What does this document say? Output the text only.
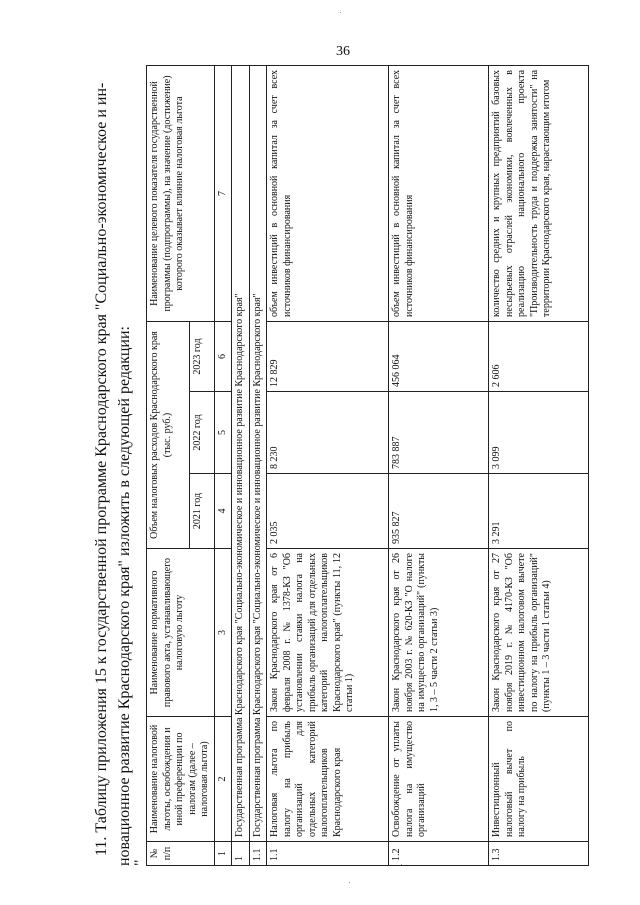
36

11. Таблицу приложения 15 к государственной программе Краснодарского края "Социально-экономическое и ин- новационное развитие Краснодарского края" изложить в следующей редакции: "

№ п/п	Наименование налоговой льготы, освобождения и иной преференции по налогам (далее – налоговая льгота)	Наименование нормативного правового акта, устанавливающего налоговую льготу	Объем налоговых расходов Краснодарского края (тыс. руб.)			Наименование целевого показателя государственной программы (подпрограммы), на значение (достижение) которого оказывает влияние налоговая льгота
			2021 год	2022 год	2023 год	
1	2	3	4	5	6	7
1	Государственная программа Краснодарского края "Социально-экономическое и инновационное развитие Краснодарского края"					
1.1	Государственная программа Краснодарского края "Социально-экономическое и инновационное развитие Краснодарского края"					
1.1	Налоговая льгота по налогу на прибыль организаций для отдельных категорий налогоплательщиков Краснодарского края	Закон Краснодарского края от 6 февраля 2008 г. № 1378-КЗ "Об установлении ставки налога на прибыль организаций для отдельных категорий налогоплательщиков Краснодарского края" (пункты 11, 12 статьи 1)	2 035	8 230	12 829	объем инвестиций в основной капитал за счет всех источников финансирования
1.2	Освобождение от уплаты налога на имущество организаций	Закон Краснодарского края от 26 ноября 2003 г. № 620-КЗ "О налоге на имущество организаций" (пункты 1, 3 – 5 части 2 статьи 3)	935 827	783 887	456 064	объем инвестиций в основной капитал за счет всех источников финансирования
1.3	Инвестиционный налоговый вычет по налогу на прибыль	Закон Краснодарского края от 27 ноября 2019 г. № 4170-КЗ "Об инвестиционном налоговом вычете по налогу на прибыль организаций" (пункты 1 – 3 части 1 статьи 4)	3 291	3 099	2 606	количество средних и крупных предприятий базовых несырьевых отраслей экономики, вовлеченных в реализацию национального проекта "Производительность труда и поддержка занятости" на территории Краснодарского края, нарастающим итогом
